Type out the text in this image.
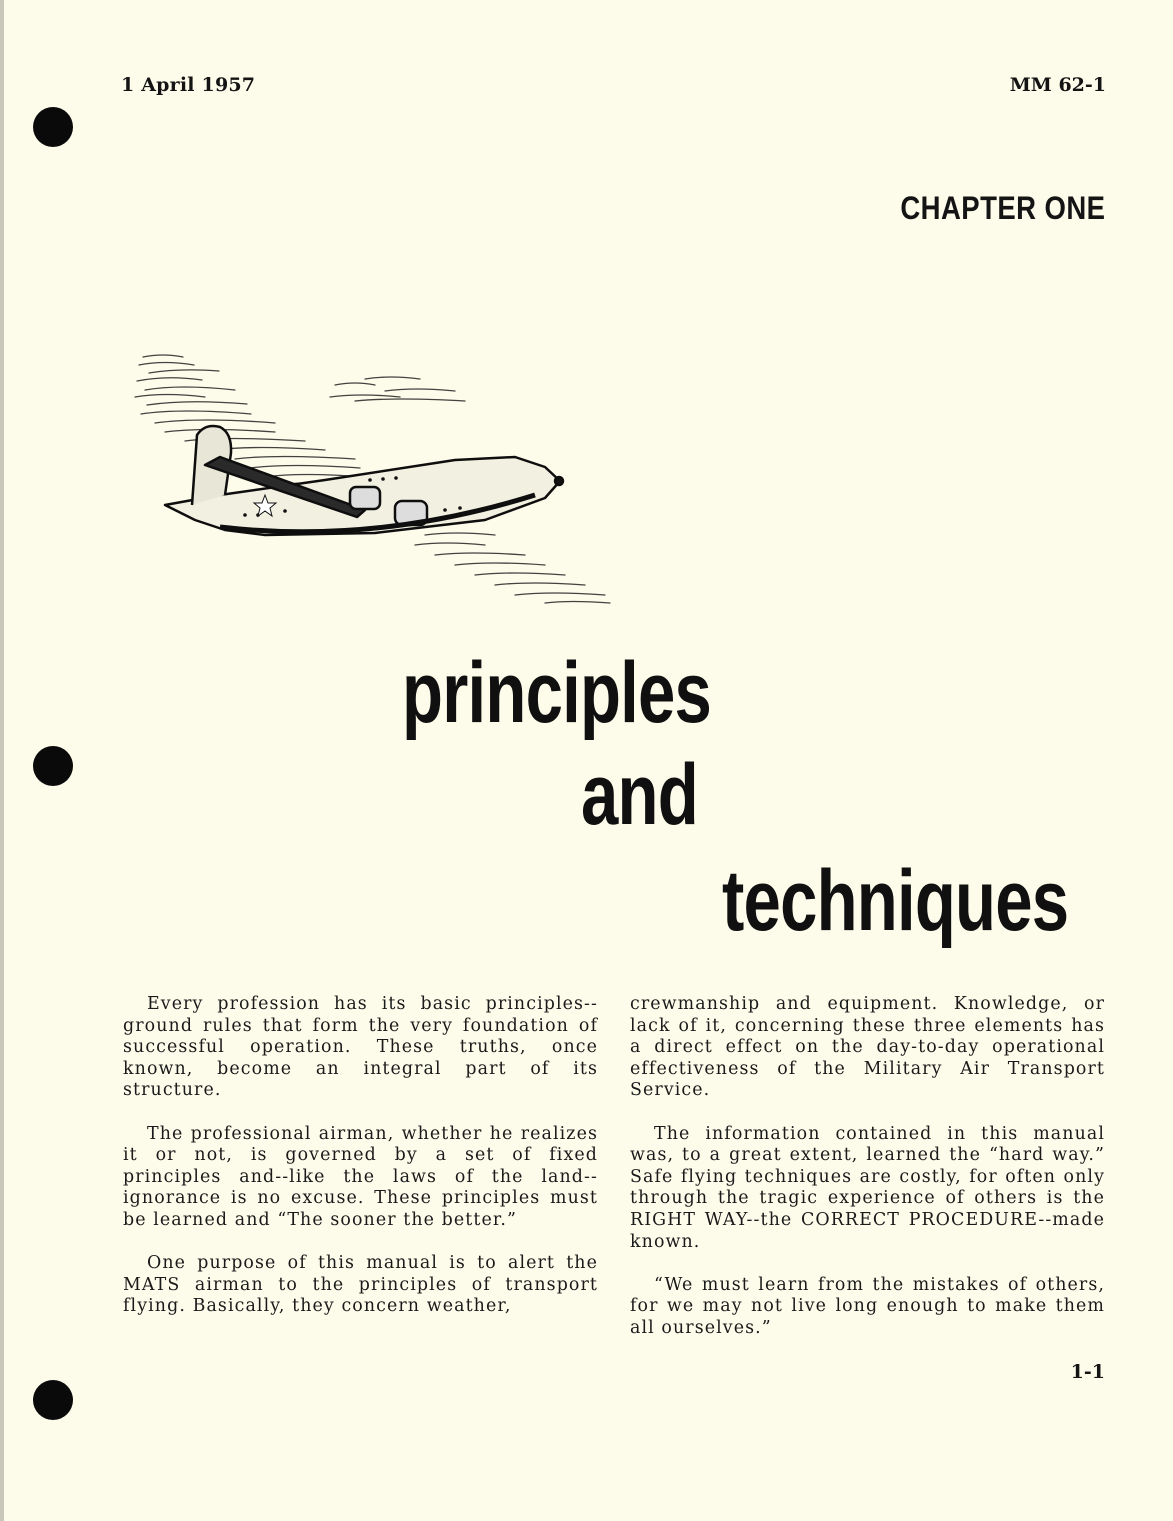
1 April 1957	MM 62-1
CHAPTER ONE
principles
and
techniques

Every profession has its basic principles--ground rules that form the very foundation of successful operation. These truths, once known, become an integral part of its structure.

The professional airman, whether he realizes it or not, is governed by a set of fixed principles and--like the laws of the land--ignorance is no excuse. These principles must be learned and “The sooner the better.”

One purpose of this manual is to alert the MATS airman to the principles of transport flying. Basically, they concern weather,

crewmanship and equipment. Knowledge, or lack of it, concerning these three elements has a direct effect on the day-to-day operational effectiveness of the Military Air Transport Service.

The information contained in this manual was, to a great extent, learned the “hard way.” Safe flying techniques are costly, for often only through the tragic experience of others is the RIGHT WAY--the CORRECT PROCEDURE--made known.

“We must learn from the mistakes of others, for we may not live long enough to make them all ourselves.”

1-1
